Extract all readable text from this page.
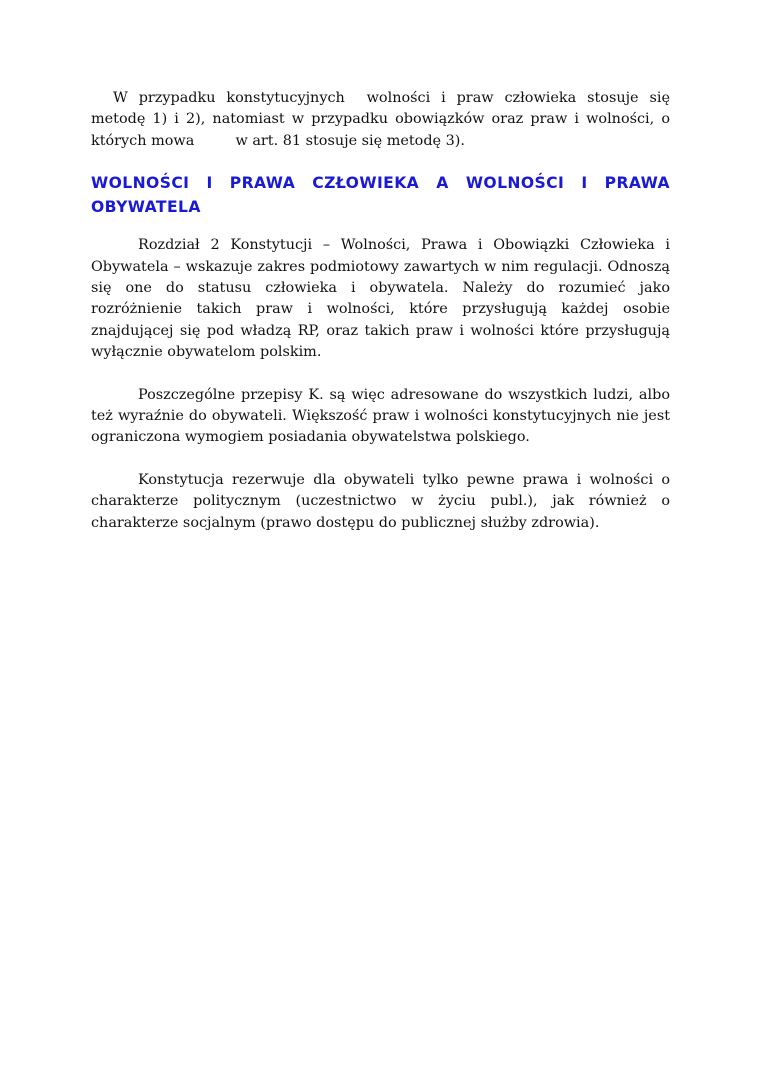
W przypadku konstytucyjnych  wolności i praw człowieka stosuje się metodę 1) i 2), natomiast w przypadku obowiązków oraz praw i wolności, o których mowa         w art. 81 stosuje się metodę 3).

WOLNOŚCI I PRAWA CZŁOWIEKA A WOLNOŚCI I PRAWA OBYWATELA

Rozdział 2 Konstytucji – Wolności, Prawa i Obowiązki Człowieka i Obywatela – wskazuje zakres podmiotowy zawartych w nim regulacji. Odnoszą się one do statusu człowieka i obywatela. Należy do rozumieć jako rozróżnienie takich praw i wolności, które przysługują każdej osobie znajdującej się pod władzą RP, oraz takich praw i wolności które przysługują wyłącznie obywatelom polskim.

Poszczególne przepisy K. są więc adresowane do wszystkich ludzi, albo też wyraźnie do obywateli. Większość praw i wolności konstytucyjnych nie jest  ograniczona wymogiem posiadania obywatelstwa polskiego.

Konstytucja rezerwuje dla obywateli tylko pewne prawa i wolności o charakterze politycznym (uczestnictwo w życiu publ.), jak również o charakterze socjalnym (prawo dostępu do publicznej służby zdrowia).
